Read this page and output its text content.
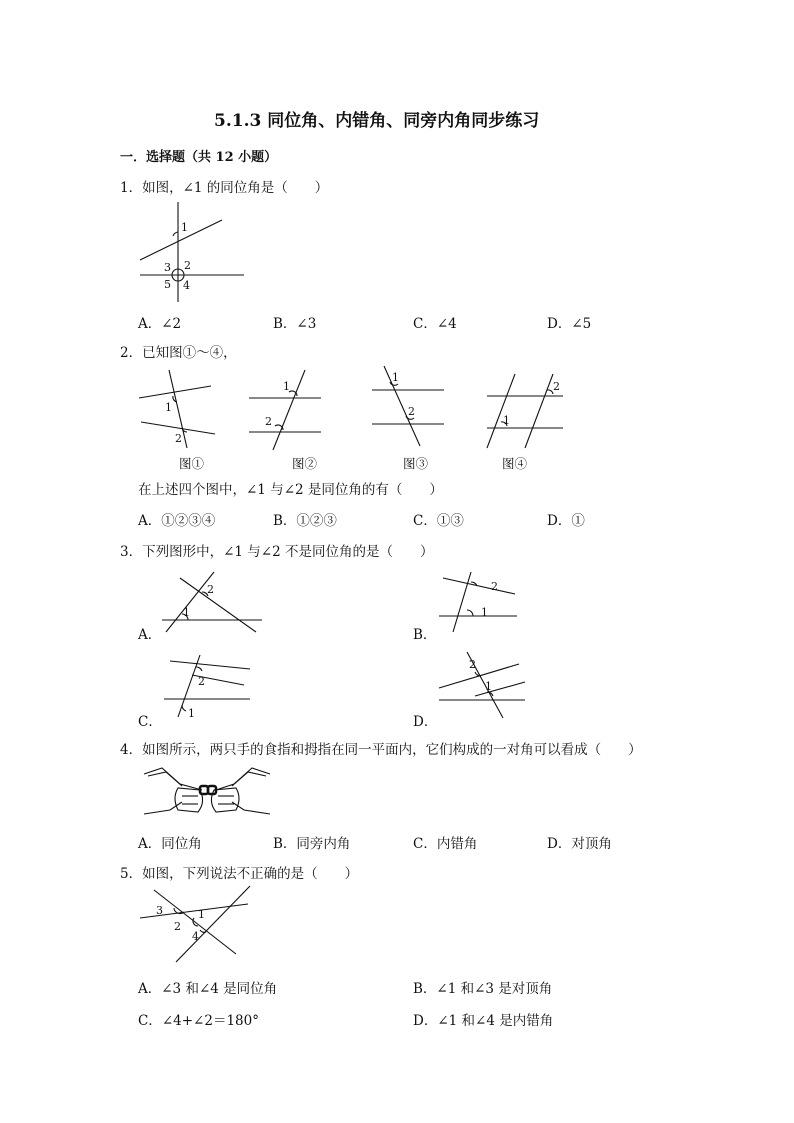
5.1.3 同位角、内错角、同旁内角同步练习
一．选择题（共 12 小题）
1．如图，∠1 的同位角是（　　）
1
2
3
5 4
A．∠2	B．∠3	C．∠4	D．∠5
2．已知图①～④，
1
2
1
2
1
2
2
1
图①	图②	图③	图④
在上述四个图中，∠1 与∠2 是同位角的有（　　）
A．①②③④	B．①②③	C．①③	D．①
3．下列图形中，∠1 与∠2 不是同位角的是（　　）
1
2
A．
2
1
B．
2
1
C．
2
1
D．
4．如图所示，两只手的食指和拇指在同一平面内，它们构成的一对角可以看成（　　）
A．同位角	B．同旁内角	C．内错角	D．对顶角
5．如图，下列说法不正确的是（　　）
3	1
2
4
A．∠3 和∠4 是同位角	B．∠1 和∠3 是对顶角
C．∠4+∠2＝180°	D．∠1 和∠4 是内错角
